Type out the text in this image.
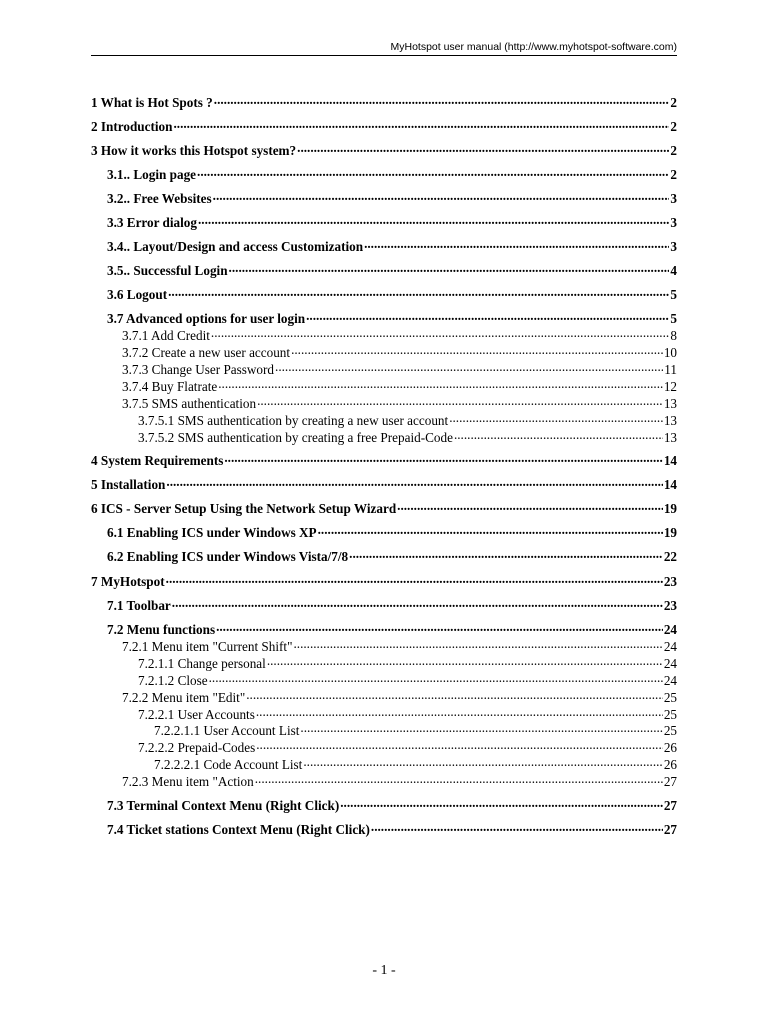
MyHotspot user manual (http://www.myhotspot-software.com)
1 What is Hot Spots ? .....	2
2 Introduction .....	2
3 How it works this Hotspot system? .....	2
3.1.. Login page .....	2
3.2.. Free Websites .....	3
3.3 Error dialog .....	3
3.4.. Layout/Design and access Customization .....	3
3.5.. Successful Login .....	4
3.6 Logout .....	5
3.7 Advanced options for user login .....	5
3.7.1 Add Credit .....	8
3.7.2 Create a new user account .....	10
3.7.3 Change User Password .....	11
3.7.4 Buy Flatrate .....	12
3.7.5 SMS authentication .....	13
3.7.5.1 SMS authentication by creating a new user account .....	13
3.7.5.2 SMS authentication by creating a free Prepaid-Code .....	13
4 System Requirements .....	14
5 Installation .....	14
6 ICS - Server Setup Using the Network Setup Wizard .....	19
6.1 Enabling ICS under Windows XP .....	19
6.2 Enabling ICS under Windows Vista/7/8 .....	22
7 MyHotspot .....	23
7.1 Toolbar .....	23
7.2 Menu functions .....	24
7.2.1 Menu item "Current Shift" .....	24
7.2.1.1 Change personal .....	24
7.2.1.2 Close .....	24
7.2.2 Menu item "Edit" .....	25
7.2.2.1 User Accounts .....	25
7.2.2.1.1 User Account List .....	25
7.2.2.2 Prepaid-Codes .....	26
7.2.2.2.1 Code Account List .....	26
7.2.3 Menu item "Action .....	27
7.3 Terminal Context Menu (Right Click) .....	27
7.4 Ticket stations Context Menu (Right Click) .....	27
- 1 -
